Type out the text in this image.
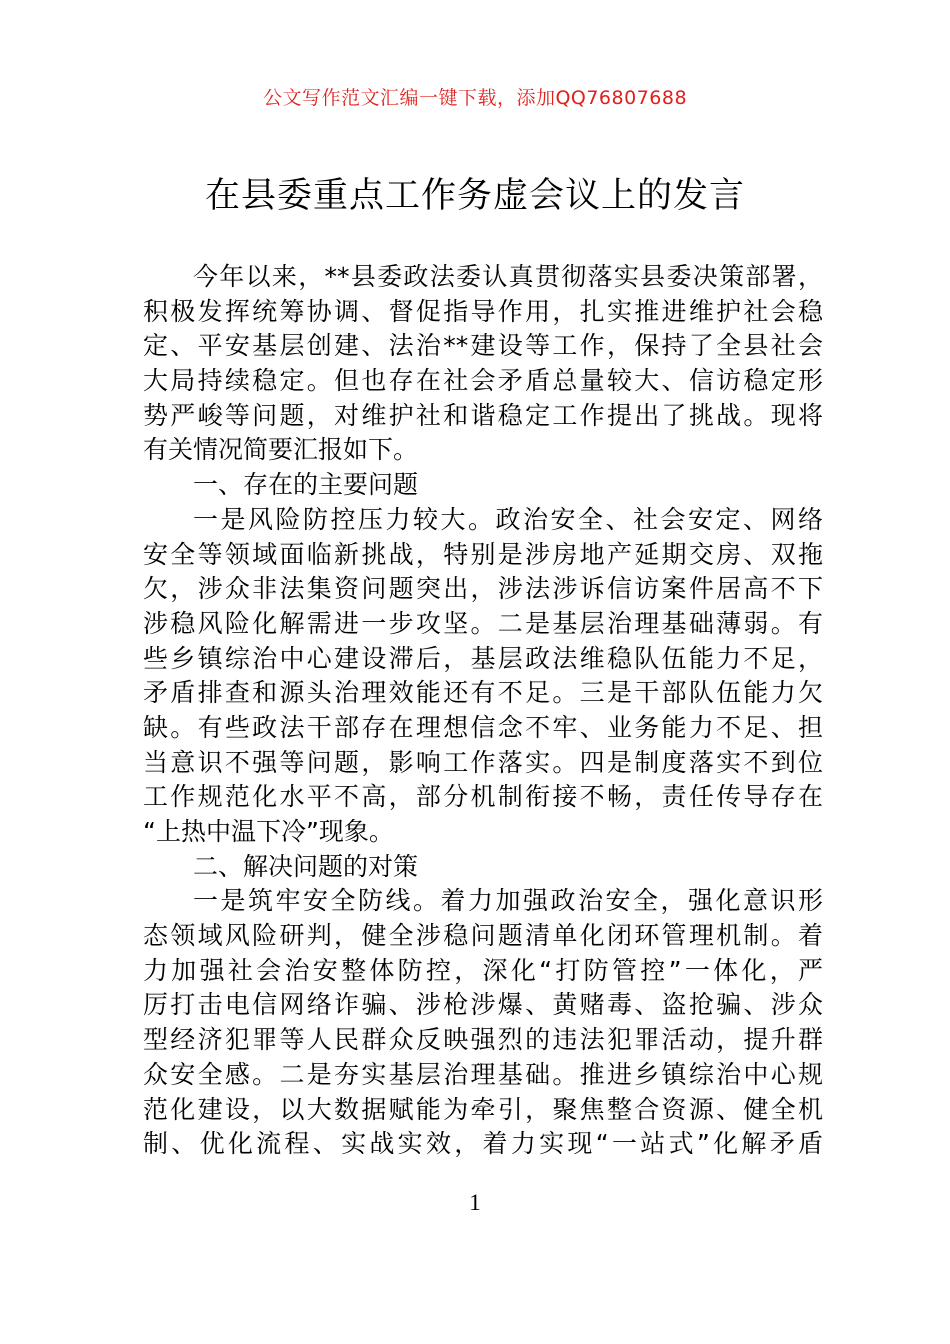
公文写作范文汇编一键下载，添加QQ76807688
在县委重点工作务虚会议上的发言
今年以来，**县委政法委认真贯彻落实县委决策部署，
积极发挥统筹协调、督促指导作用，扎实推进维护社会稳
定、平安基层创建、法治**建设等工作，保持了全县社会
大局持续稳定。但也存在社会矛盾总量较大、信访稳定形
势严峻等问题，对维护社和谐稳定工作提出了挑战。现将
有关情况简要汇报如下。
一、存在的主要问题
一是风险防控压力较大。政治安全、社会安定、网络
安全等领域面临新挑战，特别是涉房地产延期交房、双拖
欠，涉众非法集资问题突出，涉法涉诉信访案件居高不下
涉稳风险化解需进一步攻坚。二是基层治理基础薄弱。有
些乡镇综治中心建设滞后，基层政法维稳队伍能力不足，
矛盾排查和源头治理效能还有不足。三是干部队伍能力欠
缺。有些政法干部存在理想信念不牢、业务能力不足、担
当意识不强等问题，影响工作落实。四是制度落实不到位
工作规范化水平不高，部分机制衔接不畅，责任传导存在
“上热中温下冷”现象。
二、解决问题的对策
一是筑牢安全防线。着力加强政治安全，强化意识形
态领域风险研判，健全涉稳问题清单化闭环管理机制。着
力加强社会治安整体防控，深化“打防管控”一体化，严
厉打击电信网络诈骗、涉枪涉爆、黄赌毒、盗抢骗、涉众
型经济犯罪等人民群众反映强烈的违法犯罪活动，提升群
众安全感。二是夯实基层治理基础。推进乡镇综治中心规
范化建设，以大数据赋能为牵引，聚焦整合资源、健全机
制、优化流程、实战实效，着力实现“一站式”化解矛盾
1
